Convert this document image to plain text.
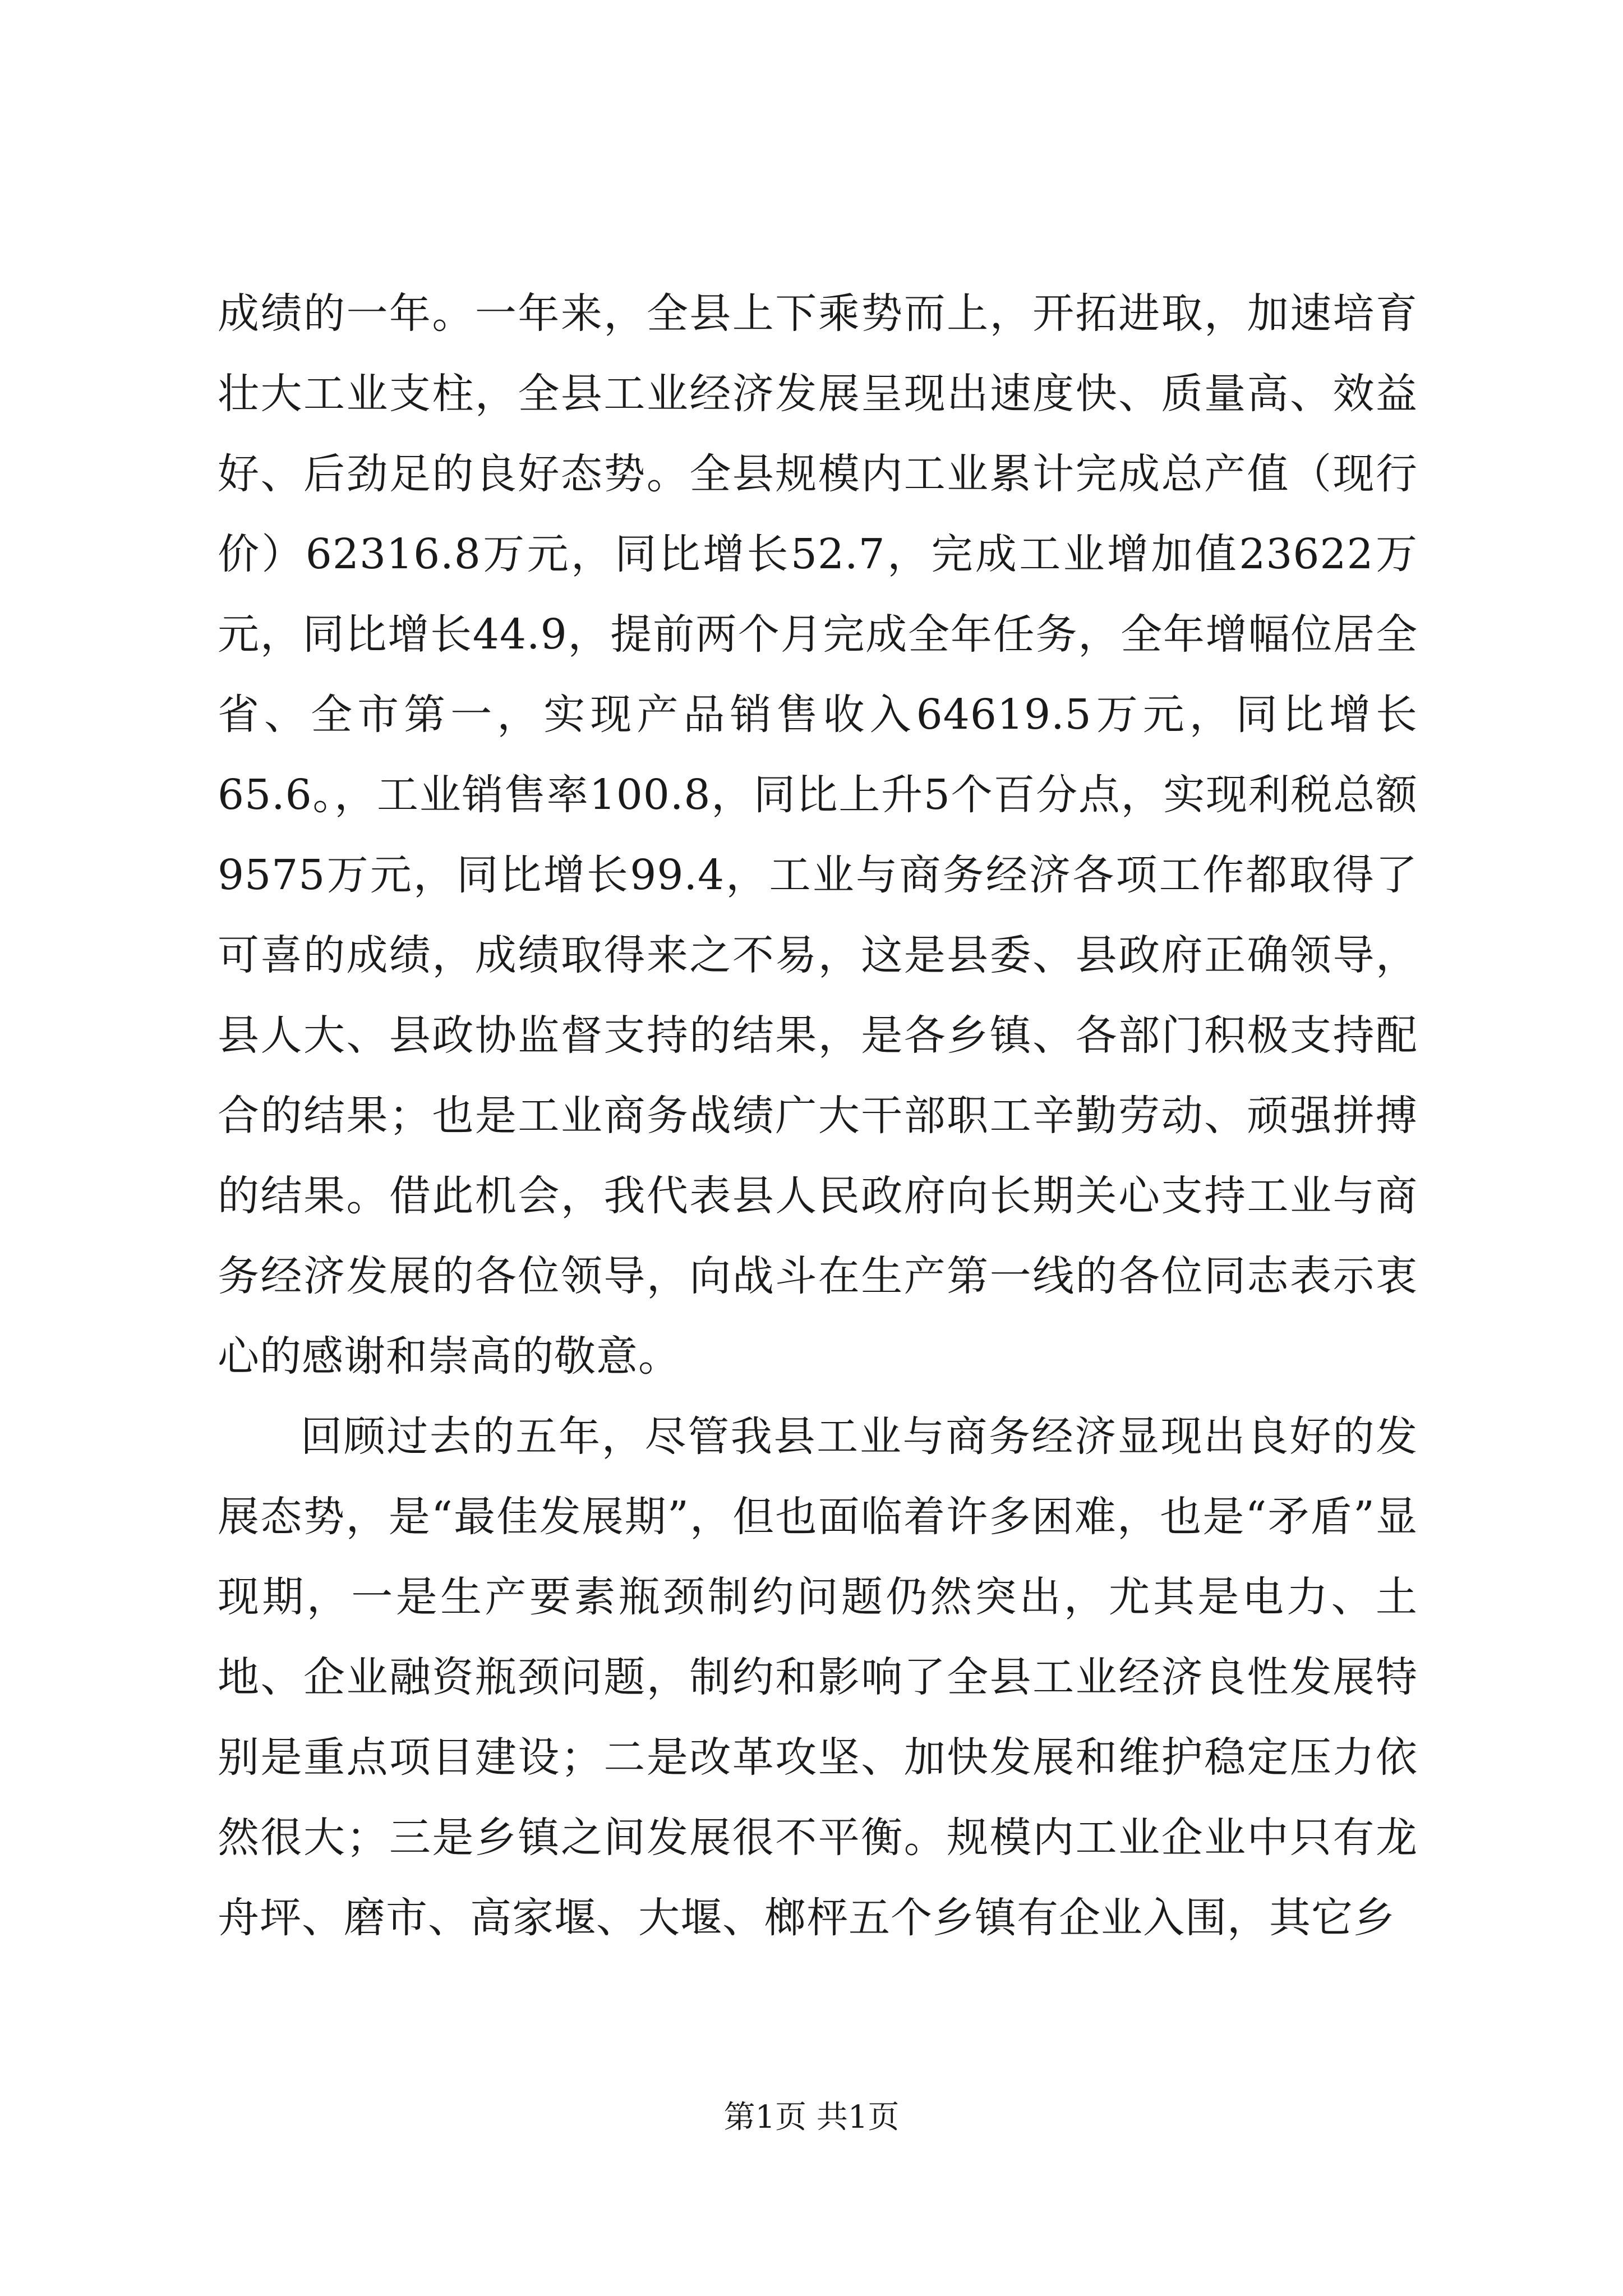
成绩的一年。一年来，全县上下乘势而上，开拓进取，加速培育壮大工业支柱，全县工业经济发展呈现出速度快、质量高、效益好、后劲足的良好态势。全县规模内工业累计完成总产值（现行价）62316.8万元，同比增长52.7，完成工业增加值23622万元，同比增长44.9，提前两个月完成全年任务，全年增幅位居全省、全市第一，实现产品销售收入64619.5万元，同比增长65.6。，工业销售率100.8，同比上升5个百分点，实现利税总额9575万元，同比增长99.4，工业与商务经济各项工作都取得了可喜的成绩，成绩取得来之不易，这是县委、县政府正确领导，县人大、县政协监督支持的结果，是各乡镇、各部门积极支持配合的结果；也是工业商务战绩广大干部职工辛勤劳动、顽强拼搏的结果。借此机会，我代表县人民政府向长期关心支持工业与商务经济发展的各位领导，向战斗在生产第一线的各位同志表示衷心的感谢和崇高的敬意。

回顾过去的五年，尽管我县工业与商务经济显现出良好的发展态势，是“最佳发展期”，但也面临着许多困难，也是“矛盾”显现期，一是生产要素瓶颈制约问题仍然突出，尤其是电力、土地、企业融资瓶颈问题，制约和影响了全县工业经济良性发展特别是重点项目建设；二是改革攻坚、加快发展和维护稳定压力依然很大；三是乡镇之间发展很不平衡。规模内工业企业中只有龙舟坪、磨市、高家堰、大堰、榔枰五个乡镇有企业入围，其它乡

第1页 共1页
